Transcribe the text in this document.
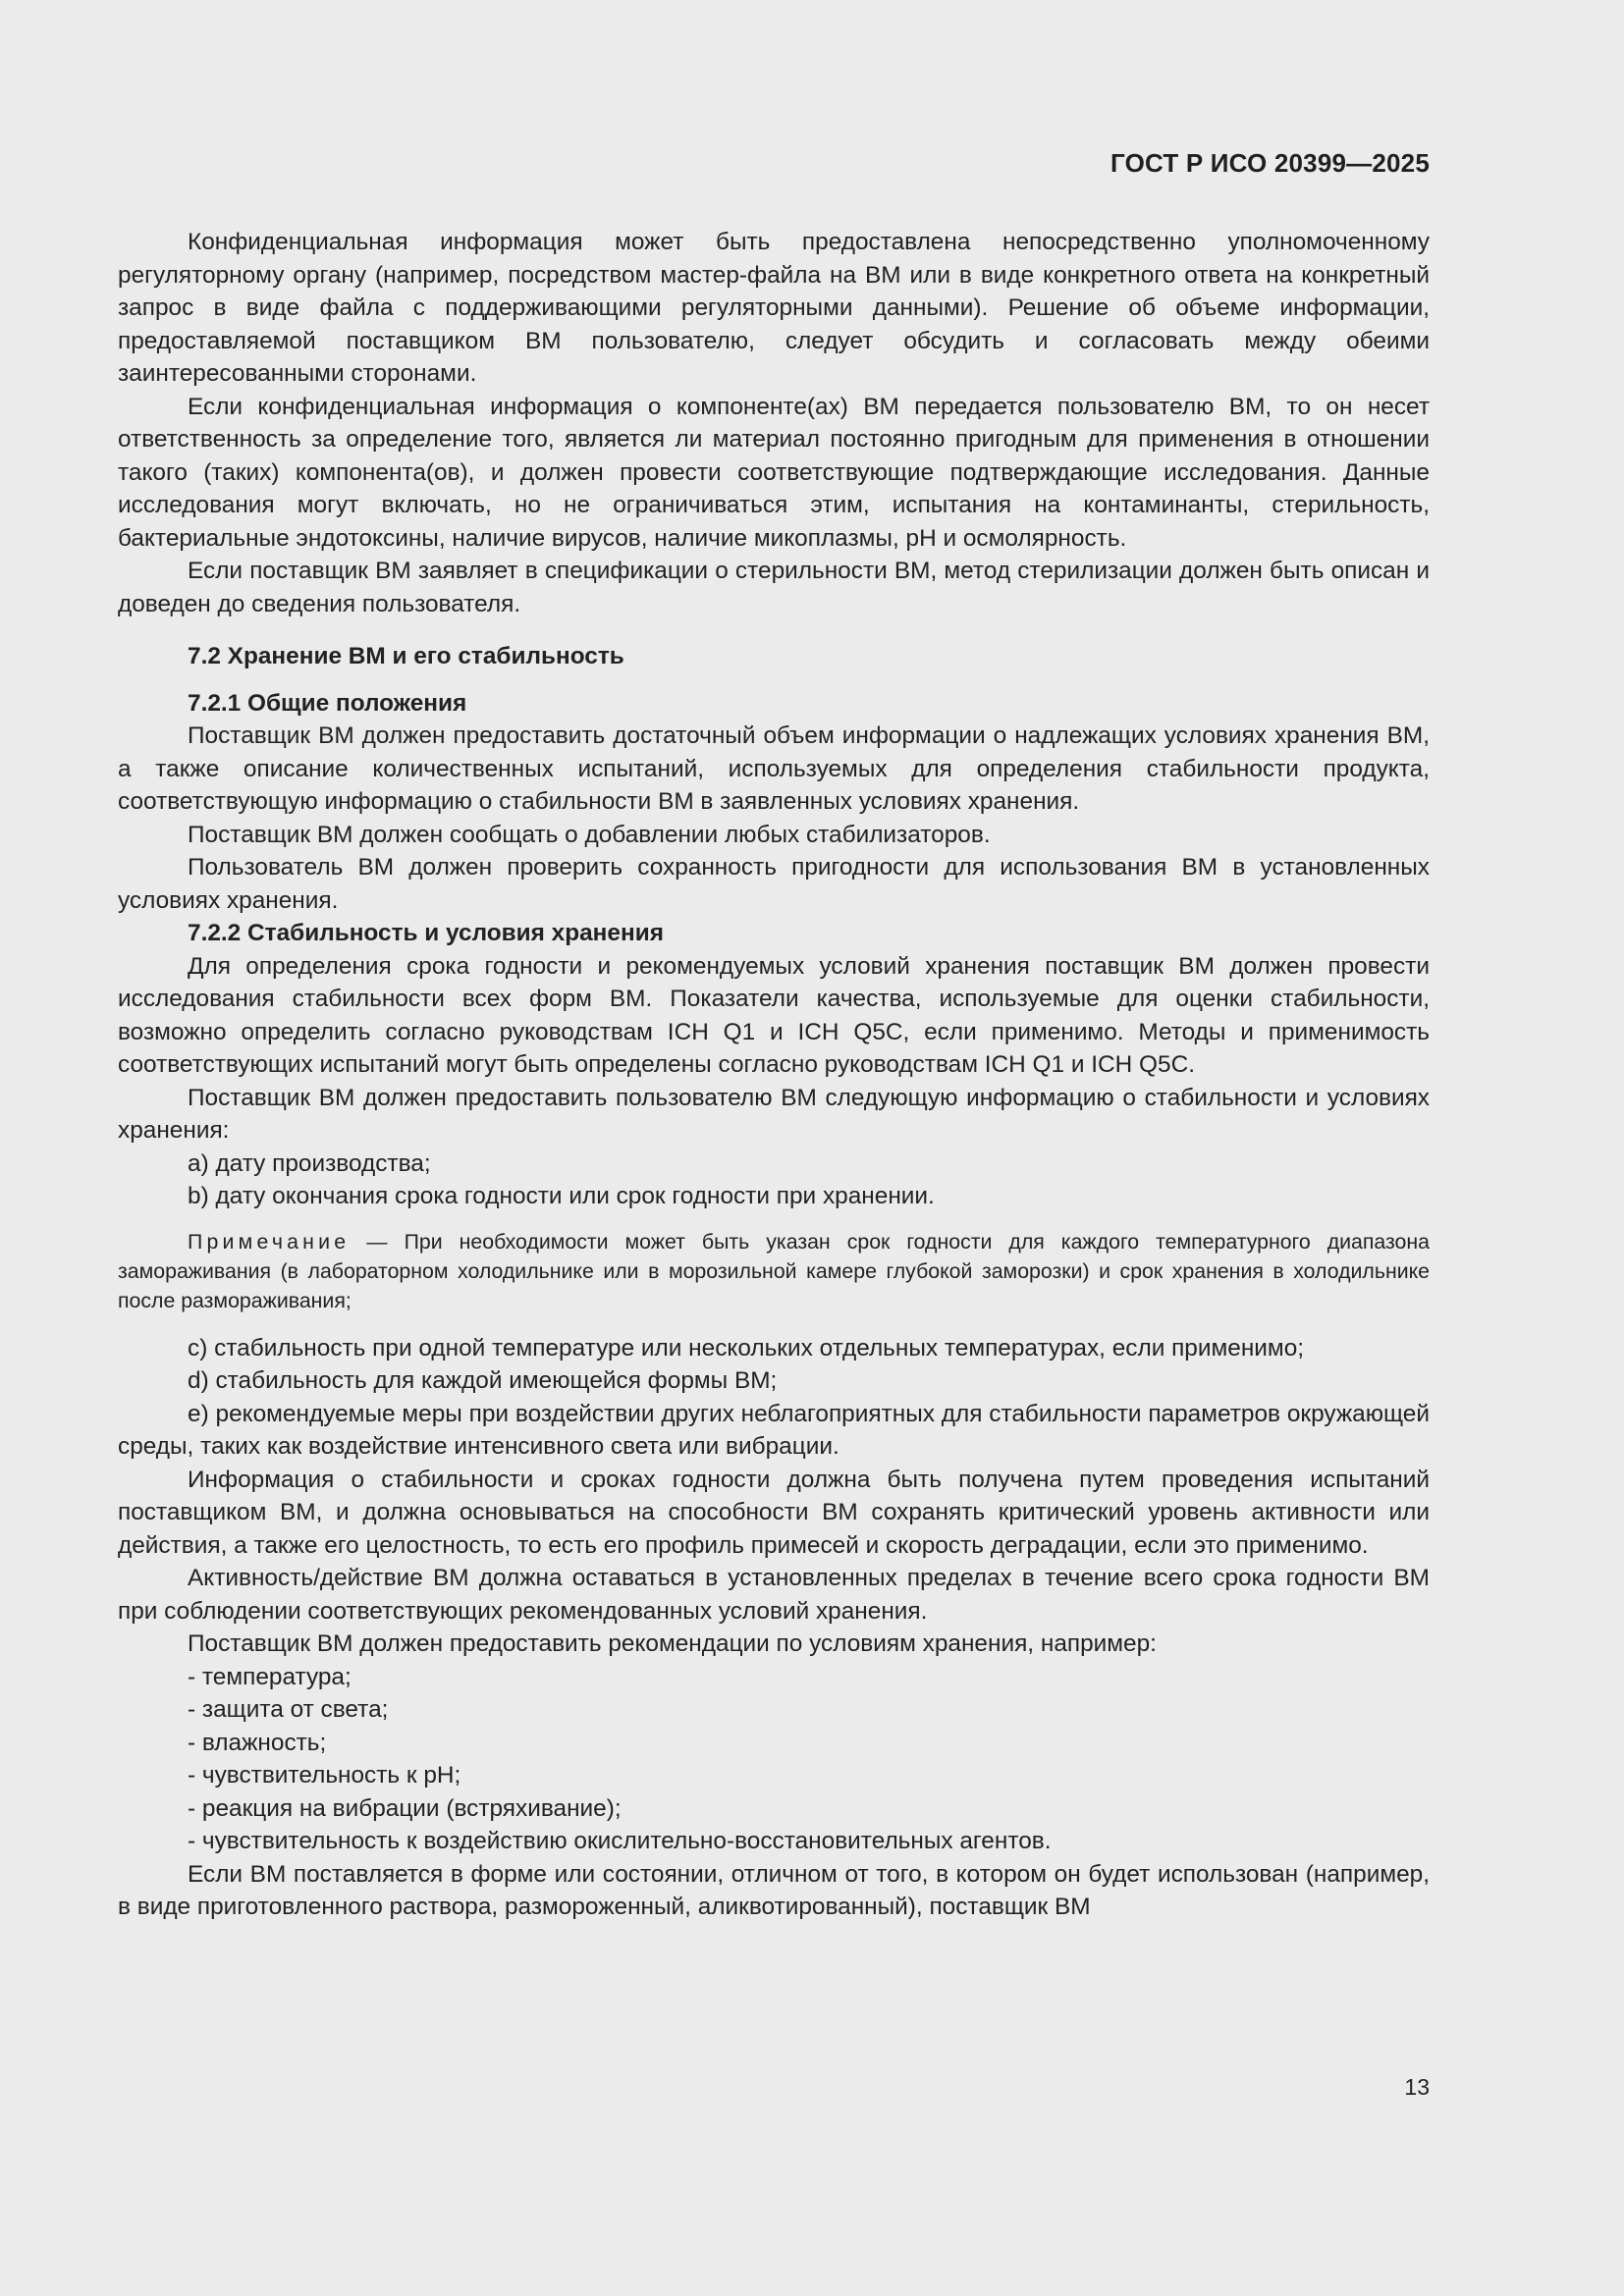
ГОСТ Р ИСО 20399—2025

Конфиденциальная информация может быть предоставлена непосредственно уполномоченному регуляторному органу (например, посредством мастер-файла на ВМ или в виде конкретного ответа на конкретный запрос в виде файла с поддерживающими регуляторными данными). Решение об объеме информации, предоставляемой поставщиком ВМ пользователю, следует обсудить и согласовать между обеими заинтересованными сторонами.

Если конфиденциальная информация о компоненте(ах) ВМ передается пользователю ВМ, то он несет ответственность за определение того, является ли материал постоянно пригодным для применения в отношении такого (таких) компонента(ов), и должен провести соответствующие подтверждающие исследования. Данные исследования могут включать, но не ограничиваться этим, испытания на контаминанты, стерильность, бактериальные эндотоксины, наличие вирусов, наличие микоплазмы, pH и осмолярность.

Если поставщик ВМ заявляет в спецификации о стерильности ВМ, метод стерилизации должен быть описан и доведен до сведения пользователя.

7.2 Хранение ВМ и его стабильность

7.2.1 Общие положения

Поставщик ВМ должен предоставить достаточный объем информации о надлежащих условиях хранения ВМ, а также описание количественных испытаний, используемых для определения стабильности продукта, соответствующую информацию о стабильности ВМ в заявленных условиях хранения.

Поставщик ВМ должен сообщать о добавлении любых стабилизаторов.

Пользователь ВМ должен проверить сохранность пригодности для использования ВМ в установленных условиях хранения.

7.2.2 Стабильность и условия хранения

Для определения срока годности и рекомендуемых условий хранения поставщик ВМ должен провести исследования стабильности всех форм ВМ. Показатели качества, используемые для оценки стабильности, возможно определить согласно руководствам ICH Q1 и ICH Q5C, если применимо. Методы и применимость соответствующих испытаний могут быть определены согласно руководствам ICH Q1 и ICH Q5C.

Поставщик ВМ должен предоставить пользователю ВМ следующую информацию о стабильности и условиях хранения:

a) дату производства;

b) дату окончания срока годности или срок годности при хранении.

Примечание — При необходимости может быть указан срок годности для каждого температурного диапазона замораживания (в лабораторном холодильнике или в морозильной камере глубокой заморозки) и срок хранения в холодильнике после размораживания;

c) стабильность при одной температуре или нескольких отдельных температурах, если применимо;

d) стабильность для каждой имеющейся формы ВМ;

e) рекомендуемые меры при воздействии других неблагоприятных для стабильности параметров окружающей среды, таких как воздействие интенсивного света или вибрации.

Информация о стабильности и сроках годности должна быть получена путем проведения испытаний поставщиком ВМ, и должна основываться на способности ВМ сохранять критический уровень активности или действия, а также его целостность, то есть его профиль примесей и скорость деградации, если это применимо.

Активность/действие ВМ должна оставаться в установленных пределах в течение всего срока годности ВМ при соблюдении соответствующих рекомендованных условий хранения.

Поставщик ВМ должен предоставить рекомендации по условиям хранения, например:

- температура;

- защита от света;

- влажность;

- чувствительность к pH;

- реакция на вибрации (встряхивание);

- чувствительность к воздействию окислительно-восстановительных агентов.

Если ВМ поставляется в форме или состоянии, отличном от того, в котором он будет использован (например, в виде приготовленного раствора, размороженный, аликвотированный), поставщик ВМ

13
